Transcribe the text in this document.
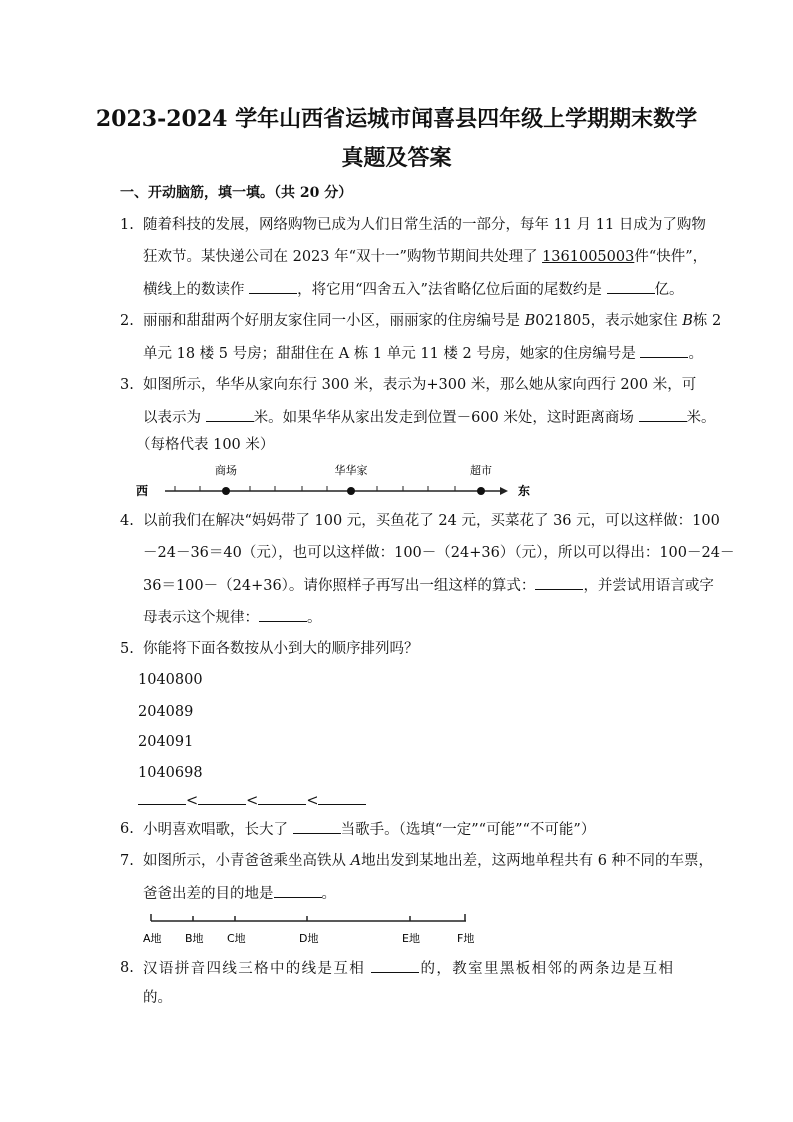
2023-2024 学年山西省运城市闻喜县四年级上学期期末数学
真题及答案
一、开动脑筋，填一填。（共 20 分）
1. 随着科技的发展，网络购物已成为人们日常生活的一部分，每年 11 月 11 日成为了购物
狂欢节。某快递公司在 2023 年“双十一”购物节期间共处理了 1361005003件“快件”，
横线上的数读作	，将它用“四舍五入”法省略亿位后面的尾数约是	亿。
2. 丽丽和甜甜两个好朋友家住同一小区，丽丽家的住房编号是 B021805，表示她家住 B栋 2
单元 18 楼 5 号房；甜甜住在 A 栋 1 单元 11 楼 2 号房，她家的住房编号是	。
3. 如图所示，华华从家向东行 300 米，表示为+300 米，那么她从家向西行 200 米，可
以表示为	米。如果华华从家出发走到位置－600 米处，这时距离商场	米。
（每格代表 100 米）
4. 以前我们在解决“妈妈带了 100 元，买鱼花了 24 元，买菜花了 36 元，可以这样做：100
－24－36＝40（元），也可以这样做：100－（24+36）（元），所以可以得出：100－24－
36＝100－（24+36）。请你照样子再写出一组这样的算式：	，并尝试用语言或字
母表示这个规律：	。
5. 你能将下面各数按从小到大的顺序排列吗？
1040800
204089
204091
1040698
<	<	<
6. 小明喜欢唱歌，长大了	当歌手。（选填“一定”“可能”“不可能”）
7. 如图所示，小青爸爸乘坐高铁从 A地出发到某地出差，这两地单程共有 6 种不同的车票，
爸爸出差的目的地是	。
8. 汉语拼音四线三格中的线是互相	的，教室里黑板相邻的两条边是互相
的。
西
商场	华华家	超市
东
A地 B地 C地	D地	E地	F地
